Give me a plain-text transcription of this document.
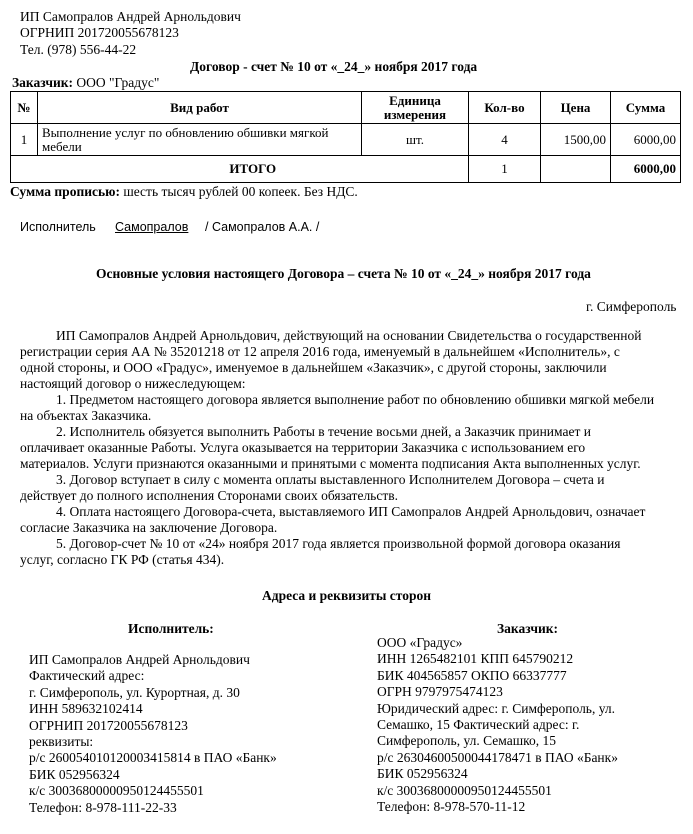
ИП Самопралов Андрей Арнольдович
ОГРНИП 201720055678123
Тел. (978) 556-44-22
Договор - счет № 10 от «_24_» ноября 2017 года
Заказчик: ООО "Градус"
№	Вид работ	Единица измерения	Кол-во	Цена	Сумма
1	Выполнение услуг по обновлению обшивки мягкой мебели	шт.	4	1500,00	6000,00
	ИТОГО		1		6000,00
Сумма прописью: шесть тысяч рублей 00 копеек. Без НДС.
Исполнитель Самопралов / Самопралов А.А. /
Основные условия настоящего Договора – счета № 10 от «_24_» ноября 2017 года
г. Симферополь
ИП Самопралов Андрей Арнольдович, действующий на основании Свидетельства о государственной
регистрации серия АА № 35201218 от 12 апреля 2016 года, именуемый в дальнейшем «Исполнитель», с
одной стороны, и ООО «Градус», именуемое в дальнейшем «Заказчик», с другой стороны, заключили
настоящий договор о нижеследующем:
1. Предметом настоящего договора является выполнение работ по обновлению обшивки мягкой мебели
на объектах Заказчика.
2. Исполнитель обязуется выполнить Работы в течение восьми дней, а Заказчик принимает и
оплачивает оказанные Работы. Услуга оказывается на территории Заказчика с использованием его
материалов. Услуги признаются оказанными и принятыми с момента подписания Акта выполненных услуг.
3. Договор вступает в силу с момента оплаты выставленного Исполнителем Договора – счета и
действует до полного исполнения Сторонами своих обязательств.
4. Оплата настоящего Договора-счета, выставляемого ИП Самопралов Андрей Арнольдович, означает
согласие Заказчика на заключение Договора.
5. Договор-счет № 10 от «24» ноября 2017 года является произвольной формой договора оказания
услуг, согласно ГК РФ (статья 434).
Адреса и реквизиты сторон
Исполнитель:	Заказчик:
ИП Самопралов Андрей Арнольдович
Фактический адрес:
г. Симферополь, ул. Курортная, д. 30
ИНН 589632102414
ОГРНИП 201720055678123
реквизиты:
р/с 26005401012000З415814 в ПАО «Банк»
БИК 052956324
к/с 30036800000950124455501
Телефон: 8-978-111-22-33
ООО «Градус»
ИНН 1265482101 КПП 645790212
БИК 404565857 ОКПО 66337777
ОГРН 9797975474123
Юридический адрес: г. Симферополь, ул.
Семашко, 15 Фактический адрес: г.
Симферополь, ул. Семашко, 15
р/с 26304600500044178471 в ПАО «Банк»
БИК 052956324
к/с 30036800000950124455501
Телефон: 8-978-570-11-12
